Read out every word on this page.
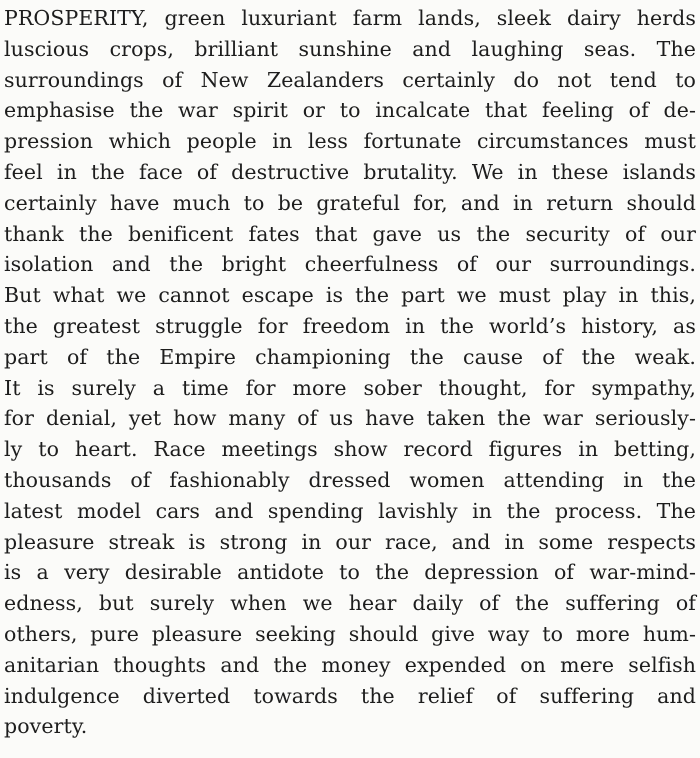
PROSPERITY, green luxuriant farm lands, sleek dairy herds
luscious crops, brilliant sunshine and laughing seas. The
surroundings of New Zealanders certainly do not tend to
emphasise the war spirit or to incalcate that feeling of de-
pression which people in less fortunate circumstances must
feel in the face of destructive brutality. We in these islands
certainly have much to be grateful for, and in return should
thank the benificent fates that gave us the security of our
isolation and the bright cheerfulness of our surroundings.
But what we cannot escape is the part we must play in this,
the greatest struggle for freedom in the world’s history, as
part of the Empire championing the cause of the weak.
It is surely a time for more sober thought, for sympathy,
for denial, yet how many of us have taken the war seriously-
ly to heart. Race meetings show record figures in betting,
thousands of fashionably dressed women attending in the
latest model cars and spending lavishly in the process. The
pleasure streak is strong in our race, and in some respects
is a very desirable antidote to the depression of war-mind-
edness, but surely when we hear daily of the suffering of
others, pure pleasure seeking should give way to more hum-
anitarian thoughts and the money expended on mere selfish
indulgence diverted towards the relief of suffering and
poverty.
